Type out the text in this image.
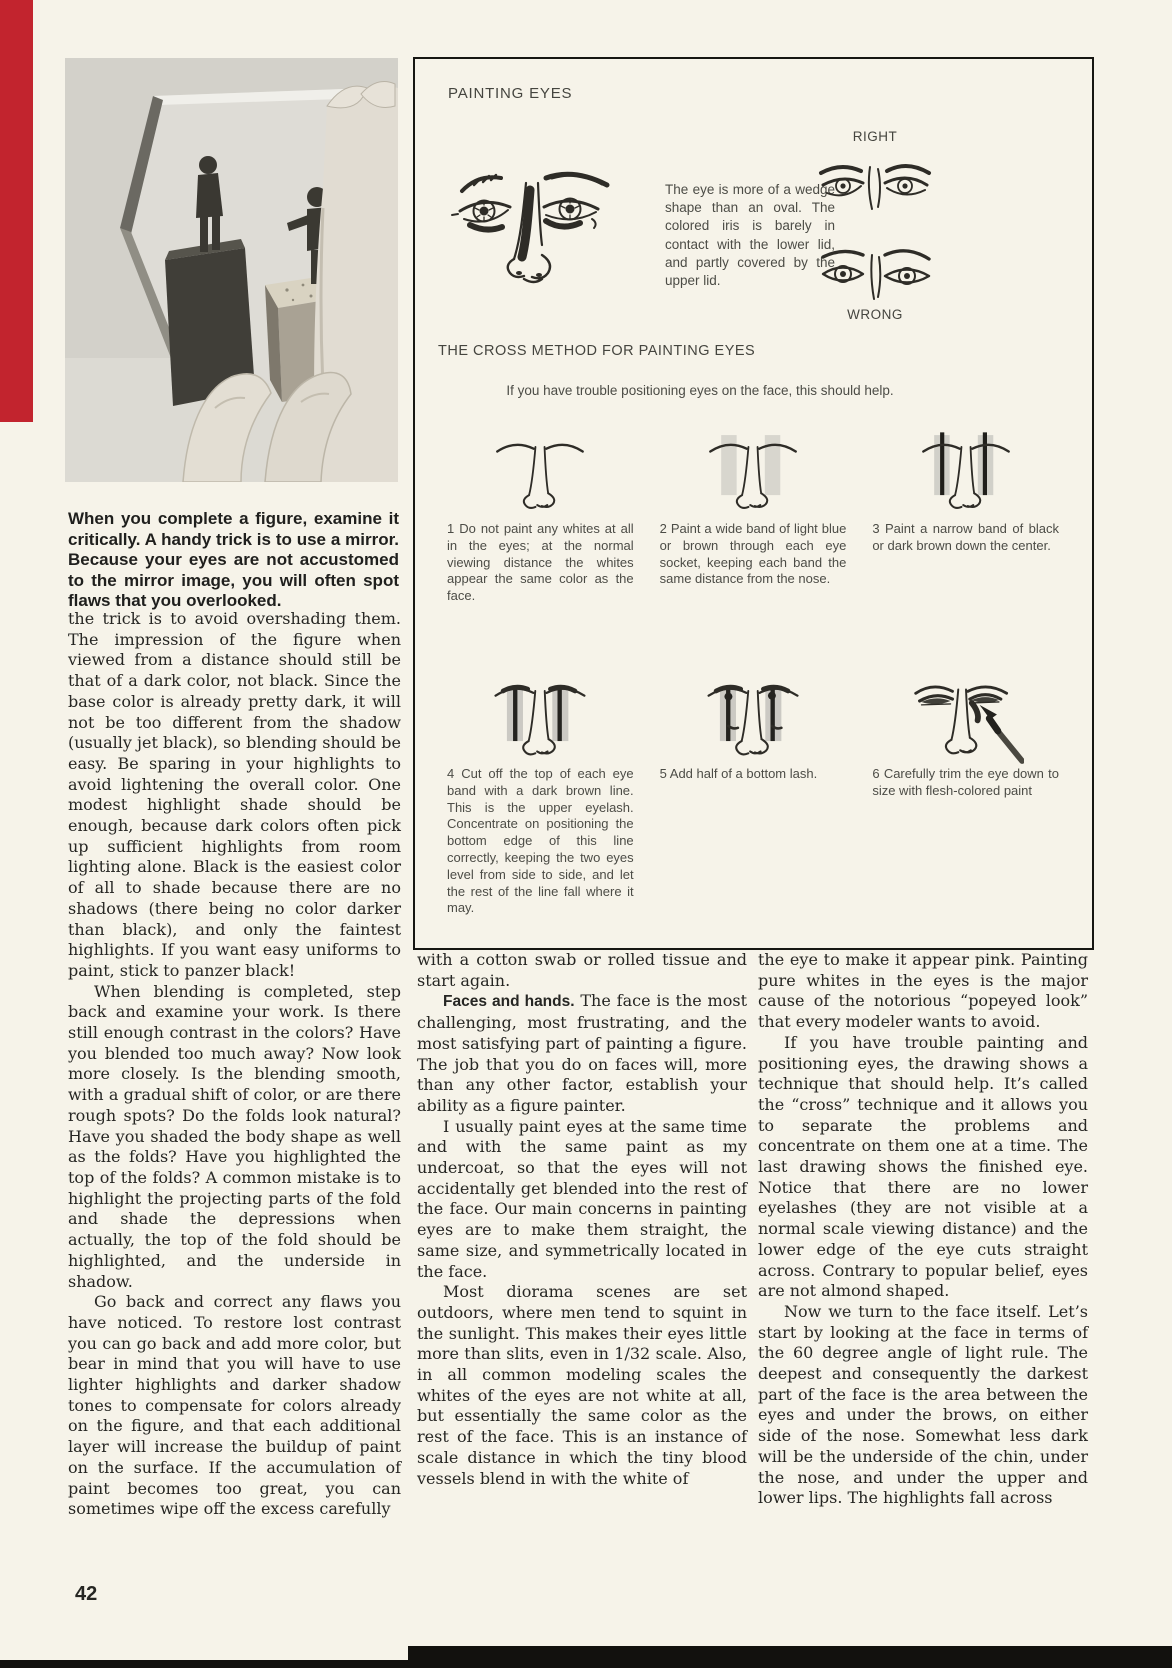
When you complete a figure, examine it critically. A handy trick is to use a mirror. Because your eyes are not accustomed to the mirror image, you will often spot flaws that you overlooked.

the trick is to avoid overshading them. The impression of the figure when viewed from a distance should still be that of a dark color, not black. Since the base color is already pretty dark, it will not be too different from the shadow (usually jet black), so blending should be easy. Be sparing in your highlights to avoid lightening the overall color. One modest highlight shade should be enough, because dark colors often pick up sufficient highlights from room lighting alone. Black is the easiest color of all to shade because there are no shadows (there being no color darker than black), and only the faintest highlights. If you want easy uniforms to paint, stick to panzer black!

When blending is completed, step back and examine your work. Is there still enough contrast in the colors? Have you blended too much away? Now look more closely. Is the blending smooth, with a gradual shift of color, or are there rough spots? Do the folds look natural? Have you shaded the body shape as well as the folds? Have you highlighted the top of the folds? A common mistake is to highlight the projecting parts of the fold and shade the depressions when actually, the top of the fold should be highlighted, and the underside in shadow.

Go back and correct any flaws you have noticed. To restore lost contrast you can go back and add more color, but bear in mind that you will have to use lighter highlights and darker shadow tones to compensate for colors already on the figure, and that each additional layer will increase the buildup of paint on the surface. If the accumulation of paint becomes too great, you can sometimes wipe off the excess carefully

PAINTING EYES

The eye is more of a wedge shape than an oval. The colored iris is barely in contact with the lower lid, and partly covered by the upper lid.

RIGHT
WRONG
THE CROSS METHOD FOR PAINTING EYES
If you have trouble positioning eyes on the face, this should help.

1 Do not paint any whites at all in the eyes; at the normal viewing distance the whites appear the same color as the face.

2 Paint a wide band of light blue or brown through each eye socket, keeping each band the same distance from the nose.

3 Paint a narrow band of black or dark brown down the center.

4 Cut off the top of each eye band with a dark brown line. This is the upper eyelash. Concentrate on positioning the bottom edge of this line correctly, keeping the two eyes level from side to side, and let the rest of the line fall where it may.

5 Add half of a bottom lash.	6 Carefully trim the eye down to size with flesh-colored paint

with a cotton swab or rolled tissue and start again.

Faces and hands. The face is the most challenging, most frustrating, and the most satisfying part of painting a figure. The job that you do on faces will, more than any other factor, establish your ability as a figure painter.

I usually paint eyes at the same time and with the same paint as my undercoat, so that the eyes will not accidentally get blended into the rest of the face. Our main concerns in painting eyes are to make them straight, the same size, and symmetrically located in the face.

Most diorama scenes are set outdoors, where men tend to squint in the sunlight. This makes their eyes little more than slits, even in 1/32 scale. Also, in all common modeling scales the whites of the eyes are not white at all, but essentially the same color as the rest of the face. This is an instance of scale distance in which the tiny blood vessels blend in with the white of

the eye to make it appear pink. Painting pure whites in the eyes is the major cause of the notorious “popeyed look” that every modeler wants to avoid.

If you have trouble painting and positioning eyes, the drawing shows a technique that should help. It’s called the “cross” technique and it allows you to separate the problems and concentrate on them one at a time. The last drawing shows the finished eye. Notice that there are no lower eyelashes (they are not visible at a normal scale viewing distance) and the lower edge of the eye cuts straight across. Contrary to popular belief, eyes are not almond shaped.

Now we turn to the face itself. Let’s start by looking at the face in terms of the 60 degree angle of light rule. The deepest and consequently the darkest part of the face is the area between the eyes and under the brows, on either side of the nose. Somewhat less dark will be the underside of the chin, under the nose, and under the upper and lower lips. The highlights fall across

42
